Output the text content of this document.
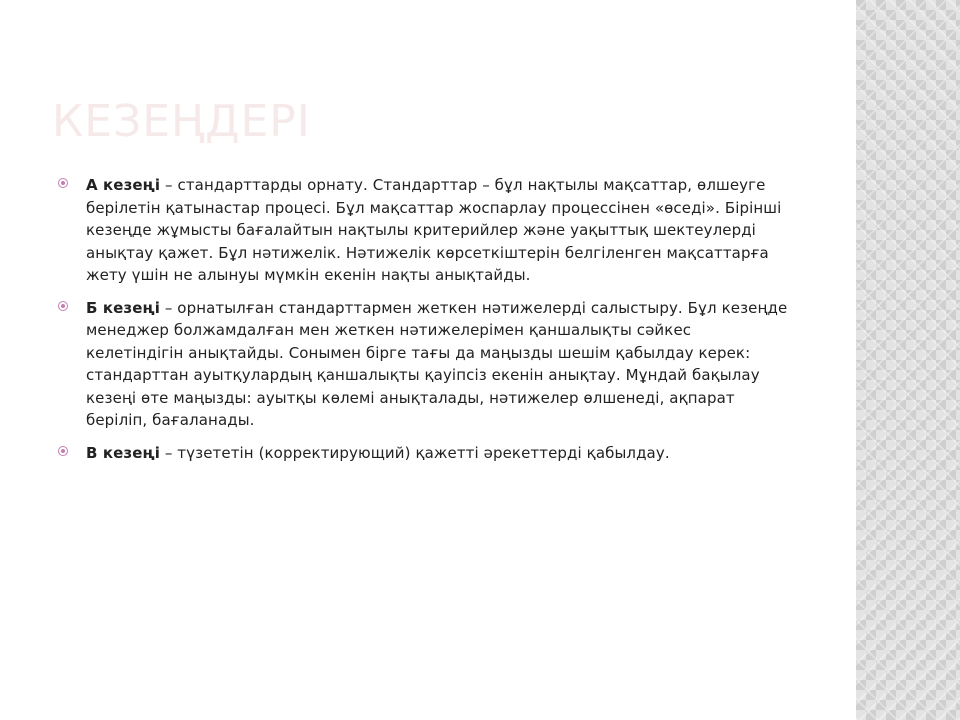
КЕЗЕҢДЕРІ
А кезеңі – стандарттарды орнату. Стандарттар – бұл нақтылы мақсаттар, өлшеуге берілетін қатынастар процесі. Бұл мақсаттар жоспарлау процессінен «өседі». Бірінші кезеңде жұмысты бағалайтын нақтылы критерийлер және уақыттық шектеулерді анықтау қажет. Бұл нәтижелік. Нәтижелік көрсеткіштерін белгіленген мақсаттарға жету үшін не алынуы мүмкін екенін нақты анықтайды.
Б кезеңі – орнатылған стандарттармен жеткен нәтижелерді салыстыру. Бұл кезеңде менеджер болжамдалған мен жеткен нәтижелерімен қаншалықты сәйкес келетіндігін анықтайды. Сонымен бірге тағы да маңызды шешім қабылдау керек: стандарттан ауытқулардың қаншалықты қауіпсіз екенін анықтау. Мұндай бақылау кезеңі өте маңызды: ауытқы көлемі анықталады, нәтижелер өлшенеді, ақпарат беріліп, бағаланады.
В кезеңі – түзететін (корректирующий) қажетті әрекеттерді қабылдау.
